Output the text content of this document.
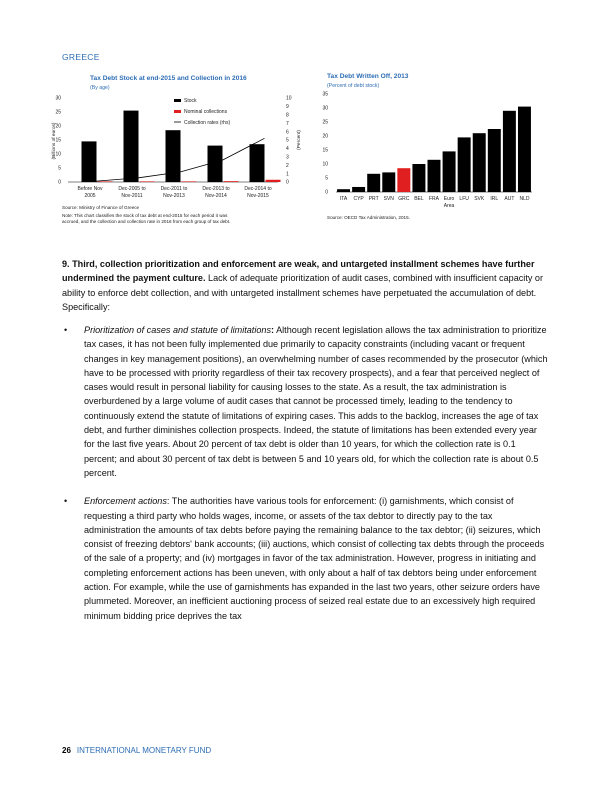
GREECE
Tax Debt Stock at end-2015 and Collection in 2016
(By age)
(Billions of euros)	(Percent)
0
5
10
15
20
25
30
0
1
2
3
4
5
6
7
8
9
10
Before Nov
2005
Dec-2005 to
Nov-2011
Dec-2011 to
Nov-2013
Dec-2013 to
Nov-2014
Dec-2014 to
Nov-2015
Stock
Nominal collections
Collection rates (rhs)
Source: Ministry of Finance of Greece
Note: This chart classifies the stock of tax debt at end-2015 for each period it was
accrued, and the collection and collection rate in 2016 from each group of tax debt.
Tax Debt Written Off, 2013
(Percent of debt stock)
0
5
10
15
20
25
30
35
ITA CYP PRT SVN GRC BEL FRA Euro
Area
LFU SVK IRL AUT NLD
Source: OECD Tax Administration, 2015.
9. Third, collection prioritization and enforcement are weak, and untargeted installment schemes have further undermined the payment culture. Lack of adequate prioritization of audit cases, combined with insufficient capacity or ability to enforce debt collection, and with untargeted installment schemes have perpetuated the accumulation of debt. Specifically:
• Prioritization of cases and statute of limitations: Although recent legislation allows the tax administration to prioritize tax cases, it has not been fully implemented due primarily to capacity constraints (including vacant or frequent changes in key management positions), an overwhelming number of cases recommended by the prosecutor (which have to be processed with priority regardless of their tax recovery prospects), and a fear that perceived neglect of cases would result in personal liability for causing losses to the state. As a result, the tax administration is overburdened by a large volume of audit cases that cannot be processed timely, leading to the tendency to continuously extend the statute of limitations of expiring cases. This adds to the backlog, increases the age of tax debt, and further diminishes collection prospects. Indeed, the statute of limitations has been extended every year for the last five years. About 20 percent of tax debt is older than 10 years, for which the collection rate is 0.1 percent; and about 30 percent of tax debt is between 5 and 10 years old, for which the collection rate is about 0.5 percent.
• Enforcement actions: The authorities have various tools for enforcement: (i) garnishments, which consist of requesting a third party who holds wages, income, or assets of the tax debtor to directly pay to the tax administration the amounts of tax debts before paying the remaining balance to the tax debtor; (ii) seizures, which consist of freezing debtors' bank accounts; (iii) auctions, which consist of collecting tax debts through the proceeds of the sale of a property; and (iv) mortgages in favor of the tax administration. However, progress in initiating and completing enforcement actions has been uneven, with only about a half of tax debtors being under enforcement action. For example, while the use of garnishments has expanded in the last two years, other seizure orders have plummeted. Moreover, an inefficient auctioning process of seized real estate due to an excessively high required minimum bidding price deprives the tax
26 INTERNATIONAL MONETARY FUND
